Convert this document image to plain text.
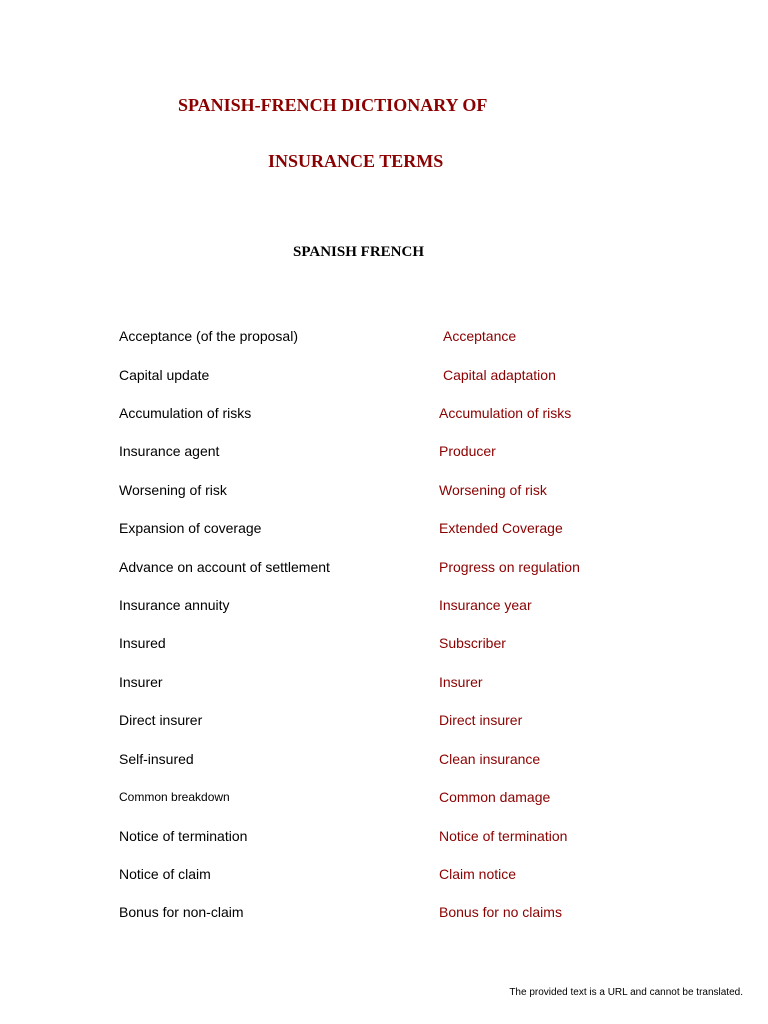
SPANISH-FRENCH DICTIONARY OF
INSURANCE TERMS
SPANISH FRENCH
Acceptance (of the proposal)	Acceptance
Capital update	Capital adaptation
Accumulation of risks	Accumulation of risks
Insurance agent	Producer
Worsening of risk	Worsening of risk
Expansion of coverage	Extended Coverage
Advance on account of settlement	Progress on regulation
Insurance annuity	Insurance year
Insured	Subscriber
Insurer	Insurer
Direct insurer	Direct insurer
Self-insured	Clean insurance
Common breakdown	Common damage
Notice of termination	Notice of termination
Notice of claim	Claim notice
Bonus for non-claim	Bonus for no claims
The provided text is a URL and cannot be translated.
